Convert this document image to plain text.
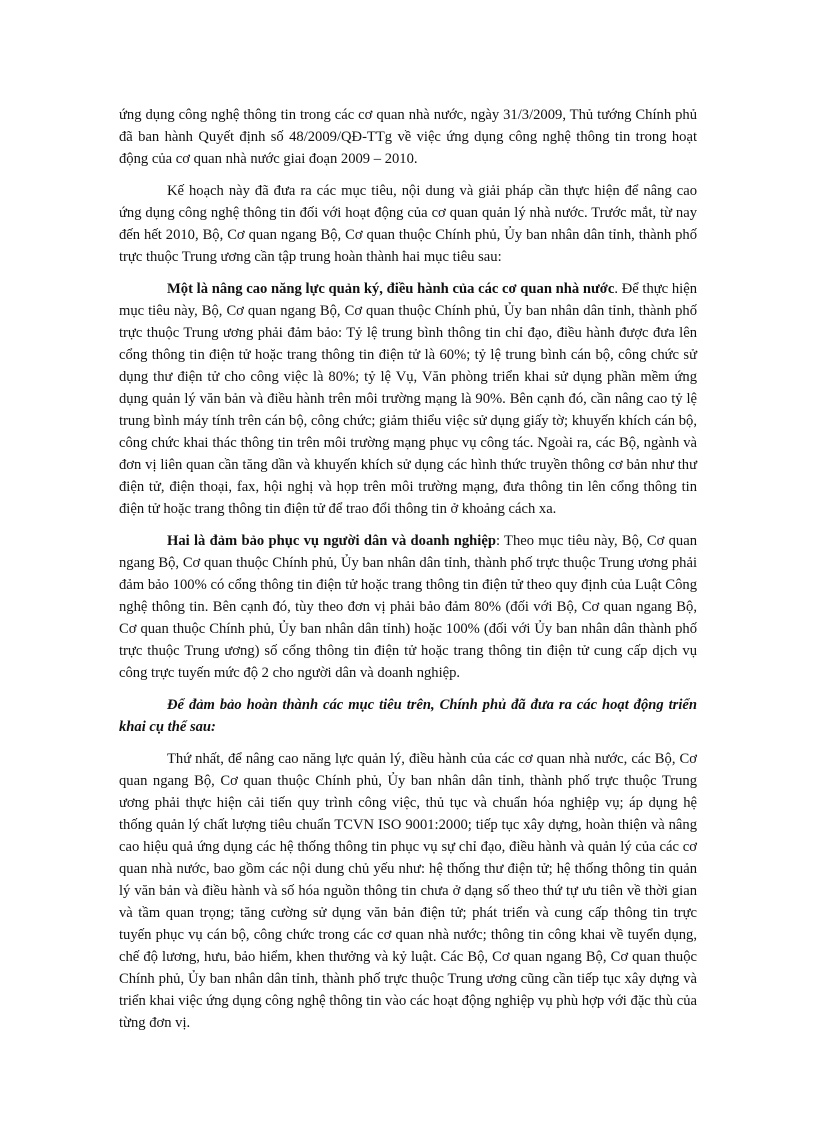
ứng dụng công nghệ thông tin trong các cơ quan nhà nước, ngày 31/3/2009, Thủ tướng Chính phủ đã ban hành Quyết định số 48/2009/QĐ-TTg về việc ứng dụng công nghệ thông tin trong hoạt động của cơ quan nhà nước giai đoạn 2009 – 2010.

Kế hoạch này đã đưa ra các mục tiêu, nội dung và giải pháp cần thực hiện để nâng cao ứng dụng công nghệ thông tin đối với hoạt động của cơ quan quản lý nhà nước. Trước mắt, từ nay đến hết 2010, Bộ, Cơ quan ngang Bộ, Cơ quan thuộc Chính phủ, Ủy ban nhân dân tỉnh, thành phố trực thuộc Trung ương cần tập trung hoàn thành hai mục tiêu sau:

Một là nâng cao năng lực quản ký, điều hành của các cơ quan nhà nước. Để thực hiện mục tiêu này, Bộ, Cơ quan ngang Bộ, Cơ quan thuộc Chính phủ, Ủy ban nhân dân tỉnh, thành phố trực thuộc Trung ương phải đảm bảo: Tỷ lệ trung bình thông tin chỉ đạo, điều hành được đưa lên cổng thông tin điện tử hoặc trang thông tin điện tử là 60%; tỷ lệ trung bình cán bộ, công chức sử dụng thư điện tử cho công việc là 80%; tỷ lệ Vụ, Văn phòng triển khai sử dụng phần mềm ứng dụng quản lý văn bản và điều hành trên môi trường mạng là 90%. Bên cạnh đó, cần nâng cao tỷ lệ trung bình máy tính trên cán bộ, công chức; giảm thiểu việc sử dụng giấy tờ; khuyến khích cán bộ, công chức khai thác thông tin trên môi trường mạng phục vụ công tác. Ngoài ra, các Bộ, ngành và đơn vị liên quan cần tăng dần và khuyến khích sử dụng các hình thức truyền thông cơ bản như thư điện tử, điện thoại, fax, hội nghị và họp trên môi trường mạng, đưa thông tin lên cổng thông tin điện tử hoặc trang thông tin điện tử để trao đổi thông tin ở khoảng cách xa.

Hai là đảm bảo phục vụ người dân và doanh nghiệp: Theo mục tiêu này, Bộ, Cơ quan ngang Bộ, Cơ quan thuộc Chính phủ, Ủy ban nhân dân tỉnh, thành phố trực thuộc Trung ương phải đảm bảo 100% có cổng thông tin điện tử hoặc trang thông tin điện tử theo quy định của Luật Công nghệ thông tin. Bên cạnh đó, tùy theo đơn vị phải bảo đảm 80% (đối với Bộ, Cơ quan ngang Bộ, Cơ quan thuộc Chính phủ, Ủy ban nhân dân tỉnh) hoặc 100% (đối với Ủy ban nhân dân thành phố trực thuộc Trung ương) số cổng thông tin điện tử hoặc trang thông tin điện tử cung cấp dịch vụ công trực tuyến mức độ 2 cho người dân và doanh nghiệp.

Để đảm bảo hoàn thành các mục tiêu trên, Chính phủ đã đưa ra các hoạt động triển khai cụ thể sau:

Thứ nhất, để nâng cao năng lực quản lý, điều hành của các cơ quan nhà nước, các Bộ, Cơ quan ngang Bộ, Cơ quan thuộc Chính phủ, Ủy ban nhân dân tỉnh, thành phố trực thuộc Trung ương phải thực hiện cải tiến quy trình công việc, thủ tục và chuẩn hóa nghiệp vụ; áp dụng hệ thống quản lý chất lượng tiêu chuẩn TCVN ISO 9001:2000; tiếp tục xây dựng, hoàn thiện và nâng cao hiệu quả ứng dụng các hệ thống thông tin phục vụ sự chỉ đạo, điều hành và quản lý của các cơ quan nhà nước, bao gồm các nội dung chủ yếu như: hệ thống thư điện tử; hệ thống thông tin quản lý văn bản và điều hành và số hóa nguồn thông tin chưa ở dạng số theo thứ tự ưu tiên về thời gian và tầm quan trọng; tăng cường sử dụng văn bản điện tử; phát triển và cung cấp thông tin trực tuyến phục vụ cán bộ, công chức trong các cơ quan nhà nước; thông tin công khai về tuyển dụng, chế độ lương, hưu, bảo hiểm, khen thưởng và kỷ luật. Các Bộ, Cơ quan ngang Bộ, Cơ quan thuộc Chính phủ, Ủy ban nhân dân tỉnh, thành phố trực thuộc Trung ương cũng cần tiếp tục xây dựng và triển khai việc ứng dụng công nghệ thông tin vào các hoạt động nghiệp vụ phù hợp với đặc thù của từng đơn vị.
